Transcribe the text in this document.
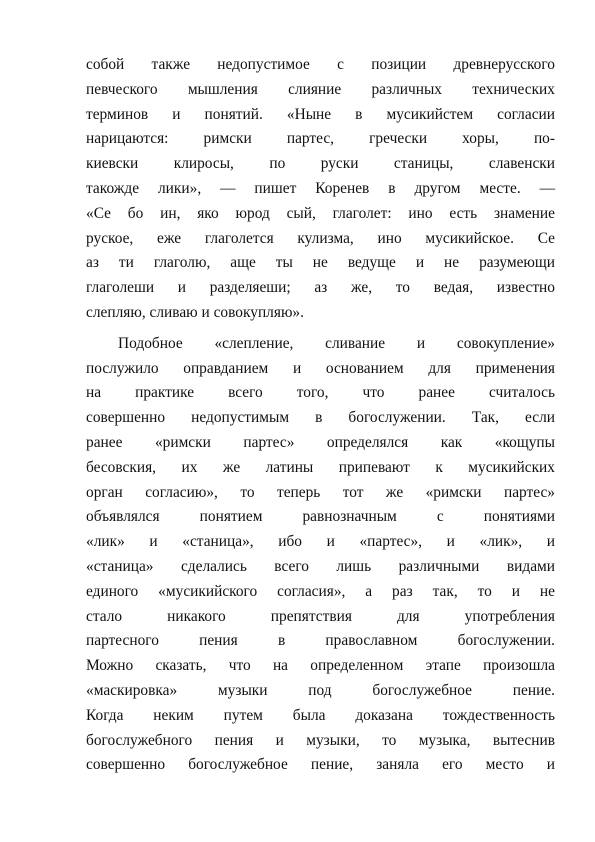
собой также недопустимое с позиции древнерусского
певческого мышления слияние различных технических
терминов и понятий. «Ныне в мусикийстем согласии
нарицаются: римски партес, гречески хоры, по-
киевски клиросы, по руски станицы, славенски
такожде лики», — пишет Коренев в другом месте. —
«Се бо ин, яко юрод сый, глаголет: ино есть знамение
руское, еже глаголется кулизма, ино мусикийское. Се
аз ти глаголю, аще ты не ведуще и не разумеющи
глаголеши и разделяеши; аз же, то ведая, известно
слепляю, сливаю и совокупляю».
Подобное «слепление, сливание и совокупление»
послужило оправданием и основанием для применения
на практике всего того, что ранее считалось
совершенно недопустимым в богослужении. Так, если
ранее «римски партес» определялся как «кощупы
бесовския, их же латины припевают к мусикийских
орган согласию», то теперь тот же «римски партес»
объявлялся понятием равнозначным с понятиями
«лик» и «станица», ибо и «партес», и «лик», и
«станица» сделались всего лишь различными видами
единого «мусикийского согласия», а раз так, то и не
стало никакого препятствия для употребления
партесного пения в православном богослужении.
Можно сказать, что на определенном этапе произошла
«маскировка» музыки под богослужебное пение.
Когда неким путем была доказана тождественность
богослужебного пения и музыки, то музыка, вытеснив
совершенно богослужебное пение, заняла его место и
